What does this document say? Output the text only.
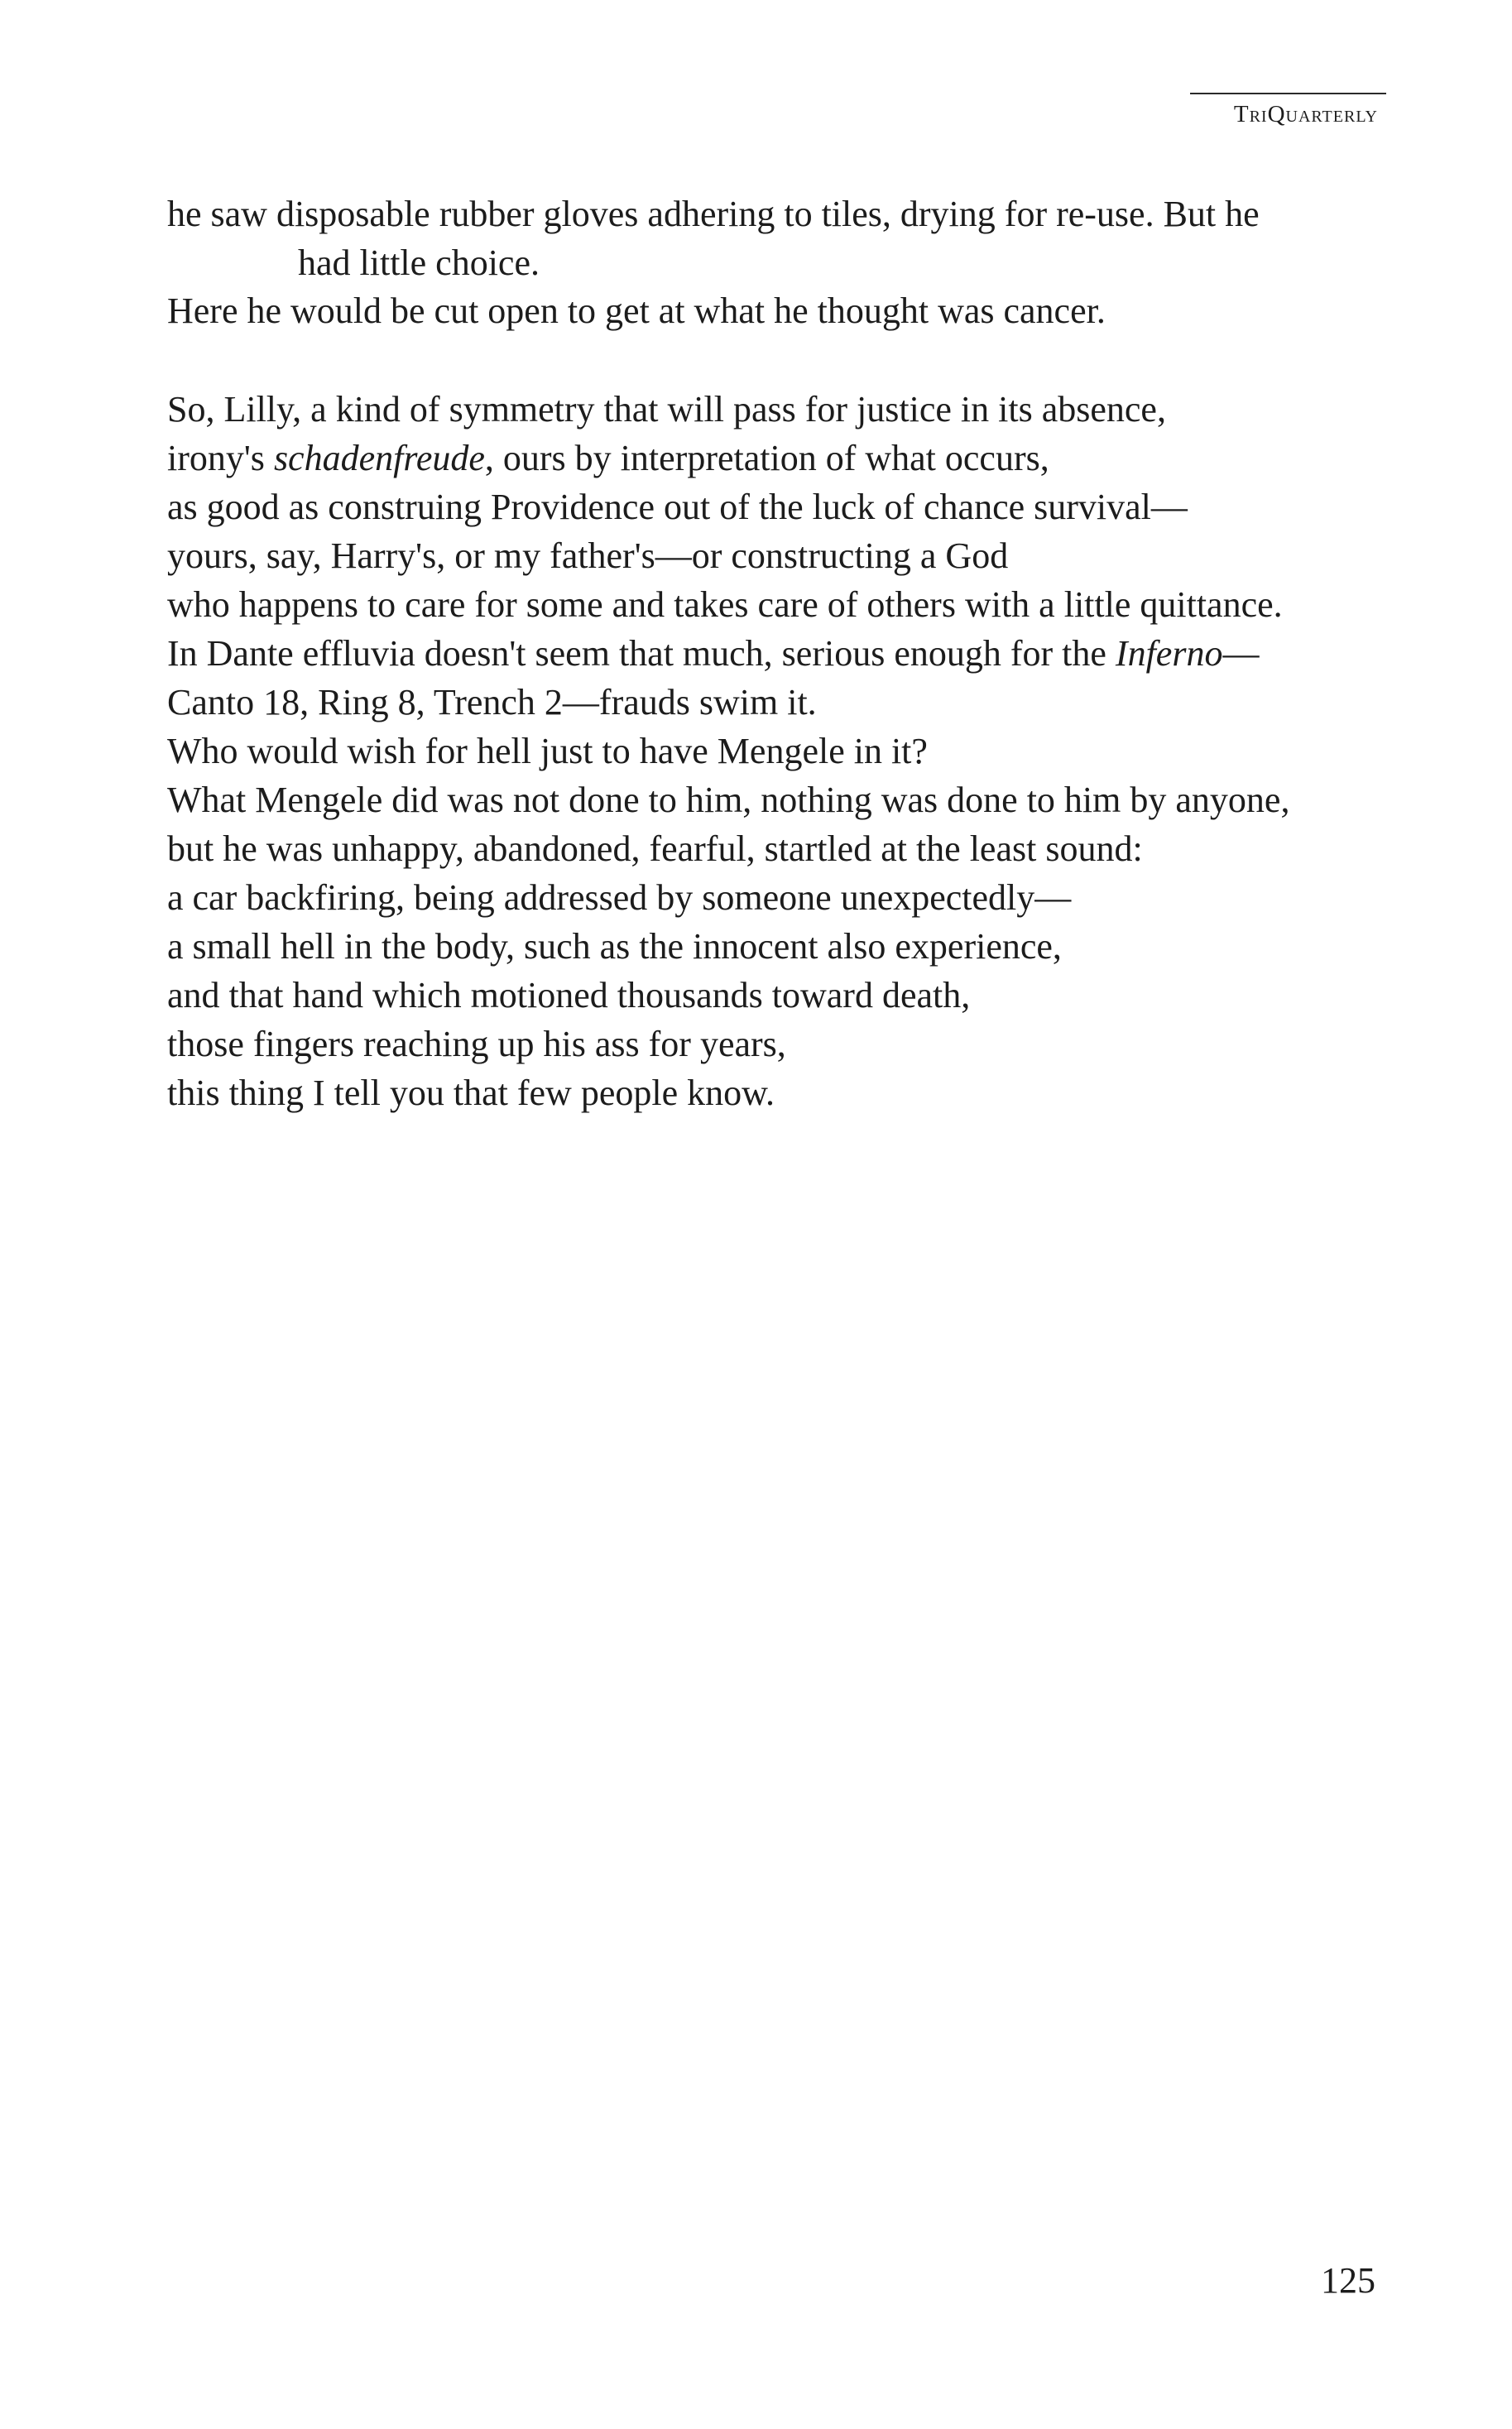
TriQuarterly
he saw disposable rubber gloves adhering to tiles, drying for re-use. But he
had little choice.
Here he would be cut open to get at what he thought was cancer.
So, Lilly, a kind of symmetry that will pass for justice in its absence,
irony's schadenfreude, ours by interpretation of what occurs,
as good as construing Providence out of the luck of chance survival—
yours, say, Harry's, or my father's—or constructing a God
who happens to care for some and takes care of others with a little quittance.
In Dante effluvia doesn't seem that much, serious enough for the Inferno—
Canto 18, Ring 8, Trench 2—frauds swim it.
Who would wish for hell just to have Mengele in it?
What Mengele did was not done to him, nothing was done to him by anyone,
but he was unhappy, abandoned, fearful, startled at the least sound:
a car backfiring, being addressed by someone unexpectedly—
a small hell in the body, such as the innocent also experience,
and that hand which motioned thousands toward death,
those fingers reaching up his ass for years,
this thing I tell you that few people know.
125
